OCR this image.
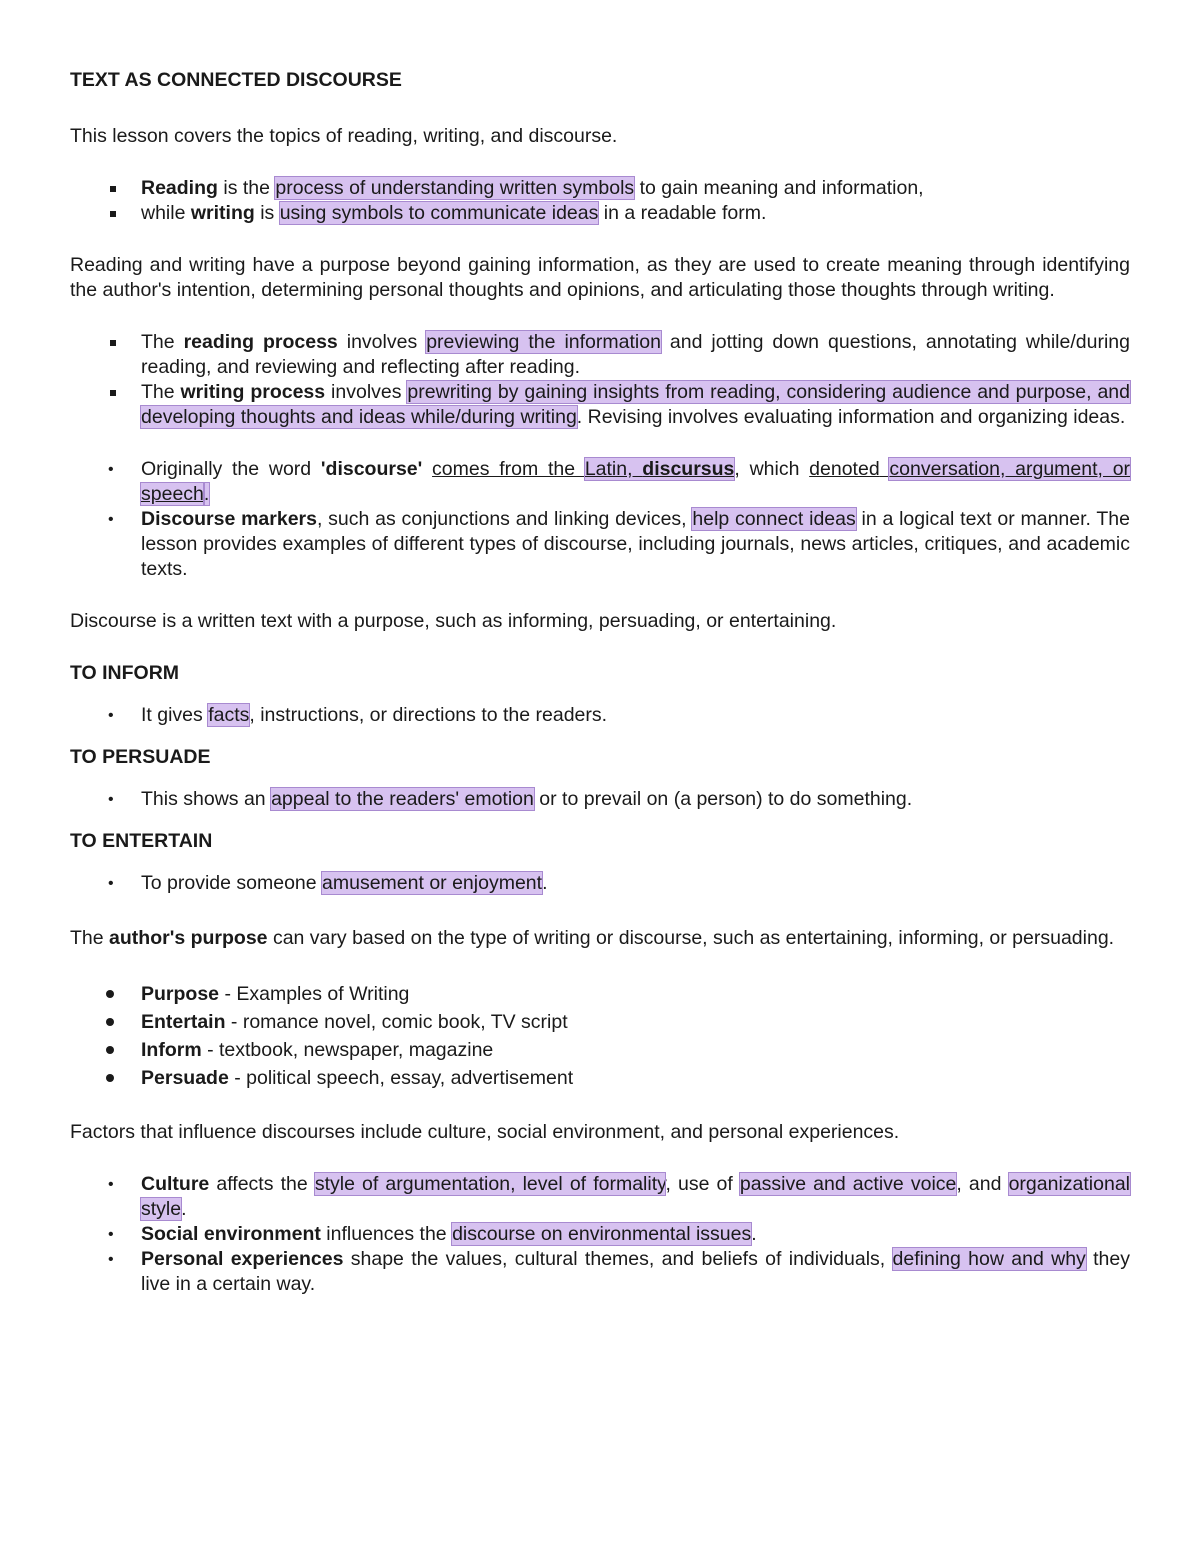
TEXT AS CONNECTED DISCOURSE

This lesson covers the topics of reading, writing, and discourse.

Reading is the process of understanding written symbols to gain meaning and information,
while writing is using symbols to communicate ideas in a readable form.

Reading and writing have a purpose beyond gaining information, as they are used to create meaning through identifying the author's intention, determining personal thoughts and opinions, and articulating those thoughts through writing.

The reading process involves previewing the information and jotting down questions, annotating while/during reading, and reviewing and reflecting after reading.
The writing process involves prewriting by gaining insights from reading, considering audience and purpose, and developing thoughts and ideas while/during writing. Revising involves evaluating information and organizing ideas.
• Originally the word 'discourse' comes from the Latin, discursus, which denoted conversation, argument, or speech.
• Discourse markers, such as conjunctions and linking devices, help connect ideas in a logical text or manner. The lesson provides examples of different types of discourse, including journals, news articles, critiques, and academic texts.

Discourse is a written text with a purpose, such as informing, persuading, or entertaining.

TO INFORM

• It gives facts, instructions, or directions to the readers.

TO PERSUADE

• This shows an appeal to the readers' emotion or to prevail on (a person) to do something.

TO ENTERTAIN

• To provide someone amusement or enjoyment.

The author's purpose can vary based on the type of writing or discourse, such as entertaining, informing, or persuading.

Purpose - Examples of Writing
Entertain - romance novel, comic book, TV script
Inform - textbook, newspaper, magazine
Persuade - political speech, essay, advertisement

Factors that influence discourses include culture, social environment, and personal experiences.

• Culture affects the style of argumentation, level of formality, use of passive and active voice, and organizational style.
• Social environment influences the discourse on environmental issues.
• Personal experiences shape the values, cultural themes, and beliefs of individuals, defining how and why they live in a certain way.
